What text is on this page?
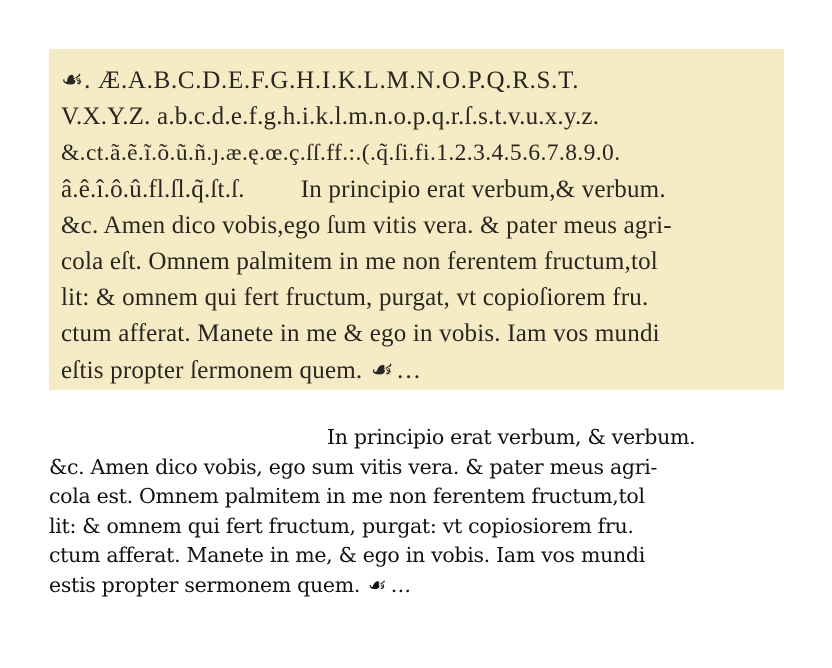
☙. Æ.A.B.C.D.E.F.G.H.I.K.L.M.N.O.P.Q.R.S.T.
V.X.Y.Z. a.b.c.d.e.f.g.h.i.k.l.m.n.o.p.q.r.ſ.s.t.v.u.x.y.z.
&.ct.ã.ẽ.ĩ.õ.ũ.ñ.ȷ.æ.ę.œ.ç.ſſ.ff.:.(.q̃.ſi.fi.1.2.3.4.5.6.7.8.9.0.
â.ê.î.ô.û.fl.ſl.q̃.ſt.ſ. In principio erat verbum,& verbum.
&c. Amen dico vobis,ego ſum vitis vera. & pater meus agri-
cola eſt. Omnem palmitem in me non ferentem fructum,tol
lit: & omnem qui fert fructum, purgat, vt copioſiorem fru.
ctum afferat. Manete in me & ego in vobis. Iam vos mundi
eſtis propter ſermonem quem. ☙ …
In principio erat verbum, & verbum.
&c. Amen dico vobis, ego sum vitis vera. & pater meus agri-
cola est. Omnem palmitem in me non ferentem fructum,tol
lit: & omnem qui fert fructum, purgat: vt copiosiorem fru.
ctum afferat. Manete in me, & ego in vobis. Iam vos mundi
estis propter sermonem quem. ☙ …
